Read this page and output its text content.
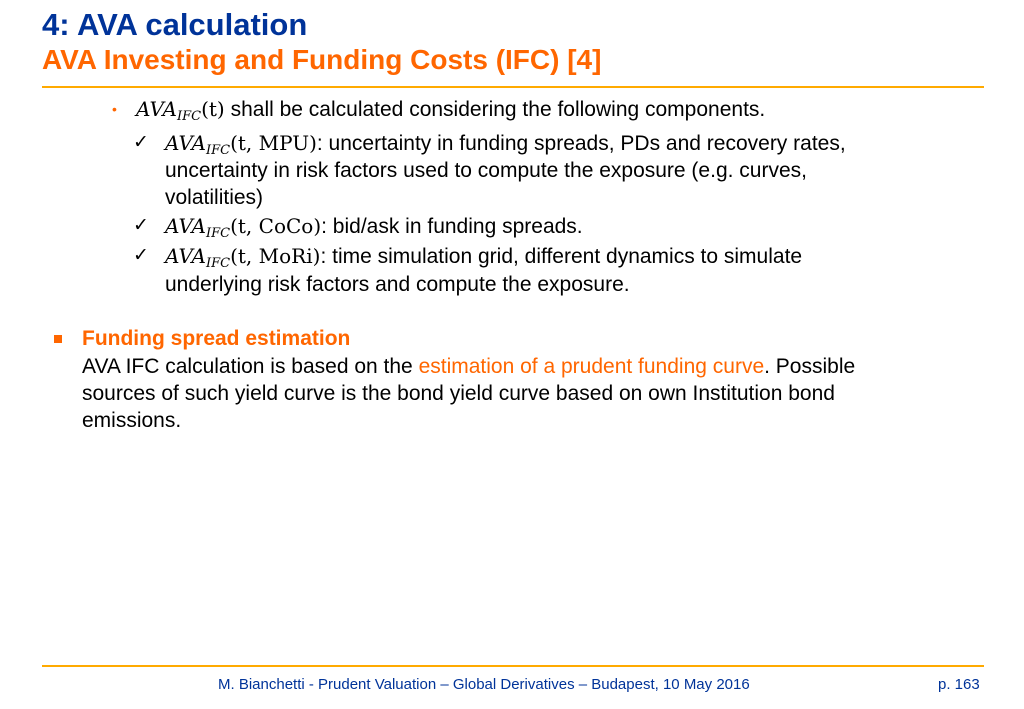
4: AVA calculation
AVA Investing and Funding Costs (IFC) [4]
• $AVA_{IFC}(t)$ shall be calculated considering the following components.
✓ $AVA_{IFC}(t$, MPU): uncertainty in funding spreads, PDs and recovery rates,
uncertainty in risk factors used to compute the exposure (e.g. curves,
volatilities)
✓ $AVA_{IFC}(t$, CoCo): bid/ask in funding spreads.
✓ $AVA_{IFC}(t$, MoRi): time simulation grid, different dynamics to simulate
underlying risk factors and compute the exposure.
Funding spread estimation
AVA IFC calculation is based on the estimation of a prudent funding curve. Possible
sources of such yield curve is the bond yield curve based on own Institution bond
emissions.
M. Bianchetti - Prudent Valuation – Global Derivatives – Budapest, 10 May 2016	p. 163
